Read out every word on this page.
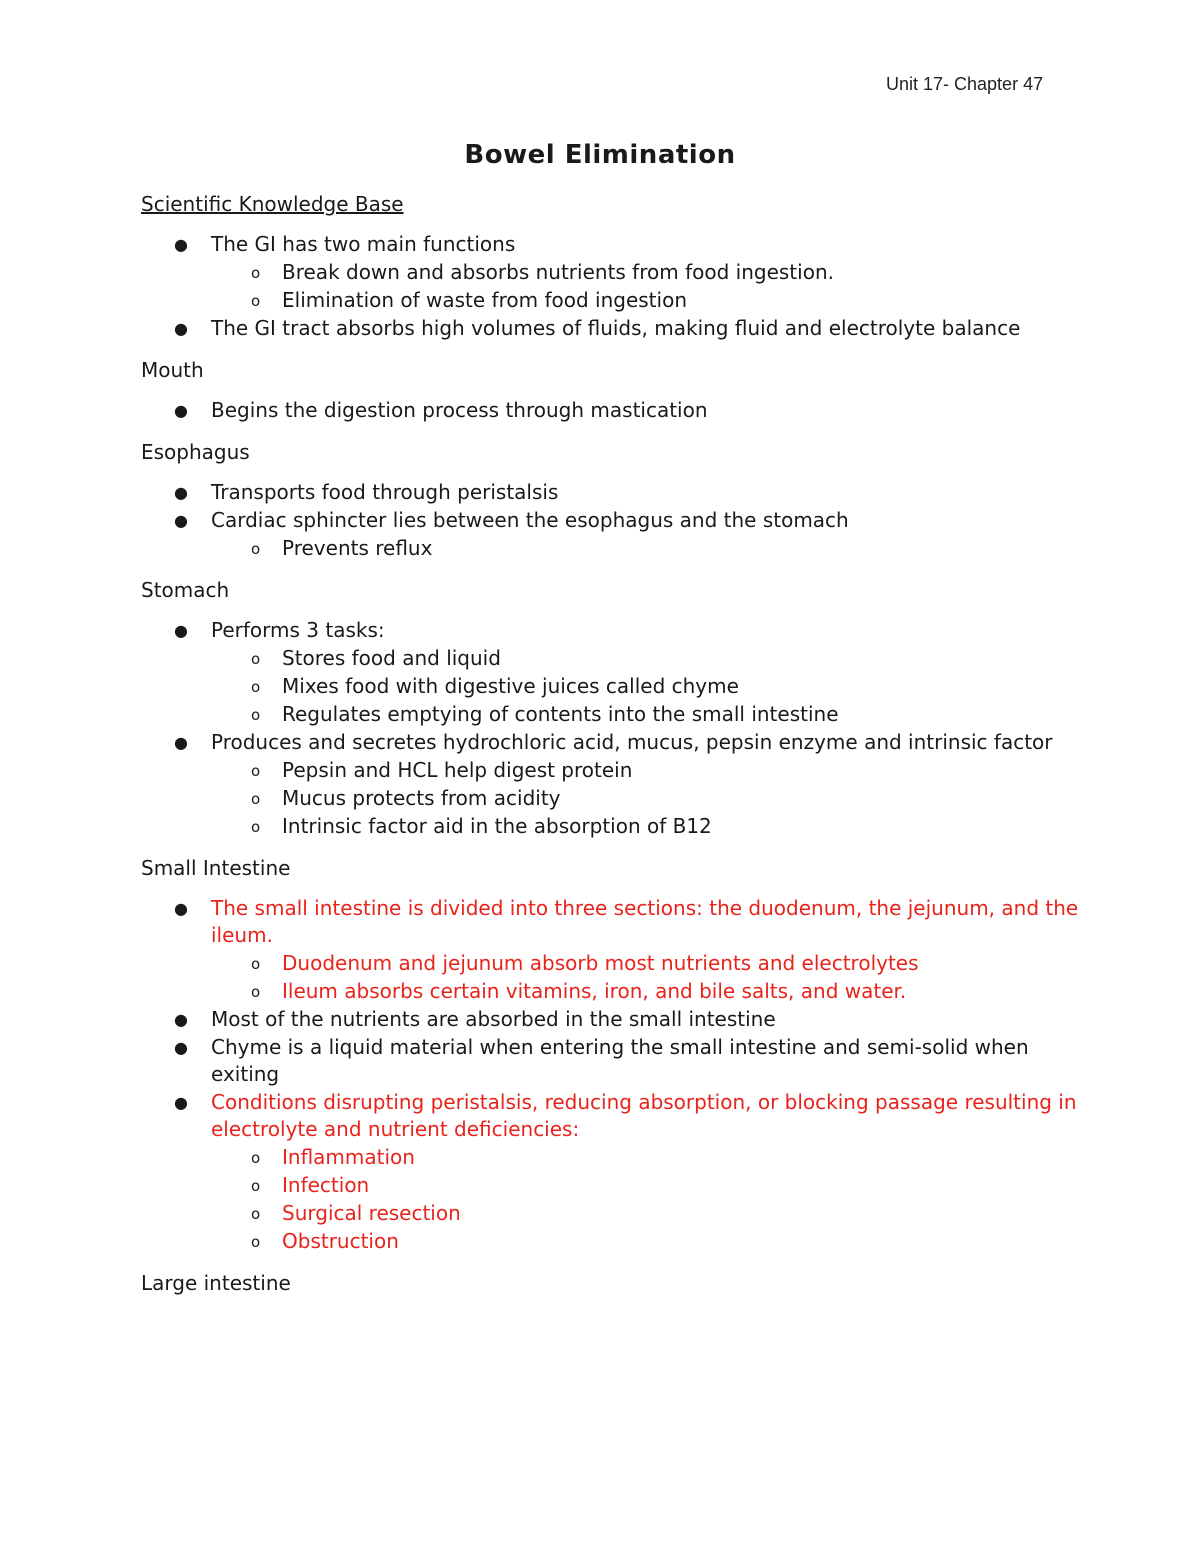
Unit 17- Chapter 47
Bowel Elimination
Scientific Knowledge Base
● The GI has two main functions
o Break down and absorbs nutrients from food ingestion.
o Elimination of waste from food ingestion
● The GI tract absorbs high volumes of fluids, making fluid and electrolyte balance
Mouth
● Begins the digestion process through mastication
Esophagus
● Transports food through peristalsis
● Cardiac sphincter lies between the esophagus and the stomach
o Prevents reflux
Stomach
● Performs 3 tasks:
o Stores food and liquid
o Mixes food with digestive juices called chyme
o Regulates emptying of contents into the small intestine
● Produces and secretes hydrochloric acid, mucus, pepsin enzyme and intrinsic factor
o Pepsin and HCL help digest protein
o Mucus protects from acidity
o Intrinsic factor aid in the absorption of B12
Small Intestine
● The small intestine is divided into three sections: the duodenum, the jejunum, and the ileum.
o Duodenum and jejunum absorb most nutrients and electrolytes
o Ileum absorbs certain vitamins, iron, and bile salts, and water.
● Most of the nutrients are absorbed in the small intestine
● Chyme is a liquid material when entering the small intestine and semi-solid when exiting
● Conditions disrupting peristalsis, reducing absorption, or blocking passage resulting in electrolyte and nutrient deficiencies:
o Inflammation
o Infection
o Surgical resection
o Obstruction
Large intestine
